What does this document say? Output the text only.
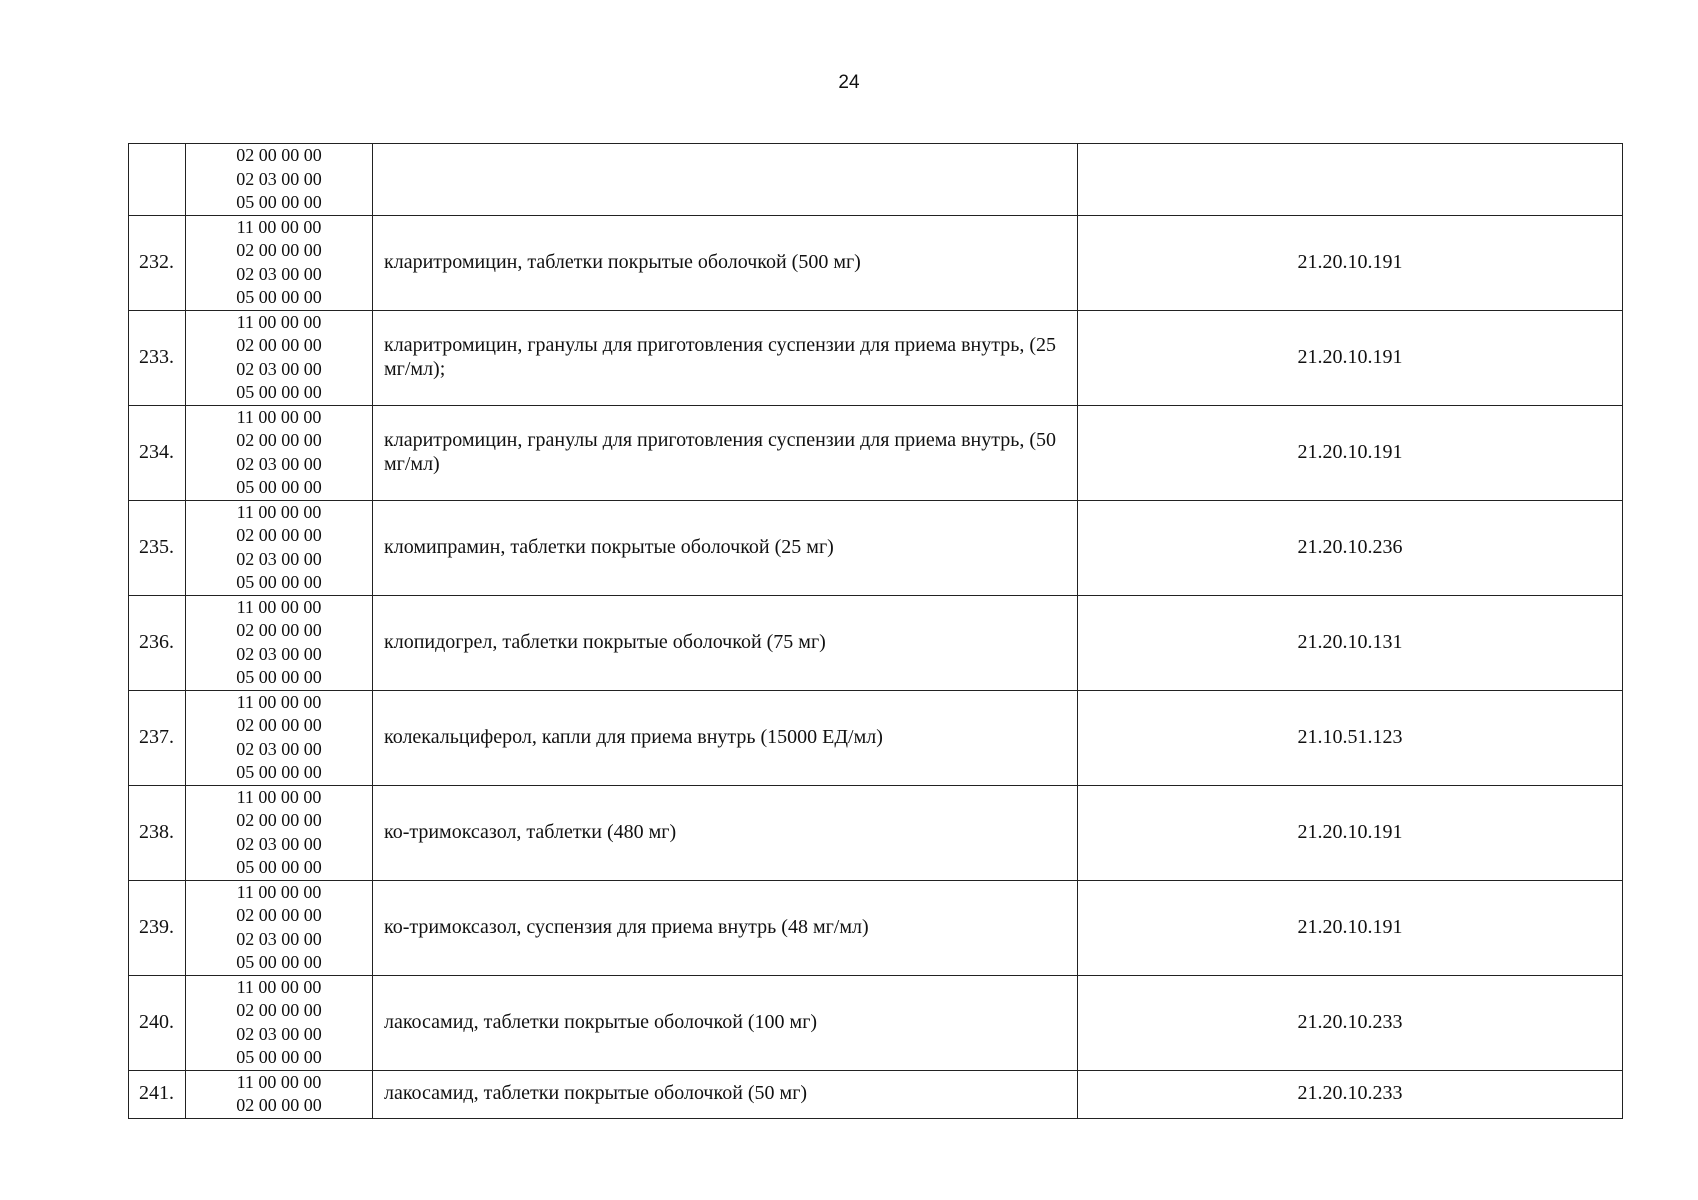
24

	02 00 00 00
02 03 00 00
05 00 00 00		

232.	11 00 00 00
02 00 00 00
02 03 00 00
05 00 00 00	кларитромицин, таблетки покрытые оболочкой (500 мг)	21.20.10.191
233.	11 00 00 00
02 00 00 00
02 03 00 00
05 00 00 00	кларитромицин, гранулы для приготовления суспензии для приема внутрь, (25 мг/мл);	21.20.10.191
234.	11 00 00 00
02 00 00 00
02 03 00 00
05 00 00 00	кларитромицин, гранулы для приготовления суспензии для приема внутрь, (50 мг/мл)	21.20.10.191
235.	11 00 00 00
02 00 00 00
02 03 00 00
05 00 00 00	кломипрамин, таблетки покрытые оболочкой (25 мг)	21.20.10.236
236.	11 00 00 00
02 00 00 00
02 03 00 00
05 00 00 00	клопидогрел, таблетки покрытые оболочкой (75 мг)	21.20.10.131
237.	11 00 00 00
02 00 00 00
02 03 00 00
05 00 00 00	колекальциферол, капли для приема внутрь (15000 ЕД/мл)	21.10.51.123
238.	11 00 00 00
02 00 00 00
02 03 00 00
05 00 00 00	ко-тримоксазол, таблетки (480 мг)	21.20.10.191
239.	11 00 00 00
02 00 00 00
02 03 00 00
05 00 00 00	ко-тримоксазол, суспензия для приема внутрь (48 мг/мл)	21.20.10.191
240.	11 00 00 00
02 00 00 00
02 03 00 00
05 00 00 00	лакосамид, таблетки покрытые оболочкой (100 мг)	21.20.10.233
241.	11 00 00 00
02 00 00 00	лакосамид, таблетки покрытые оболочкой (50 мг)	21.20.10.233
